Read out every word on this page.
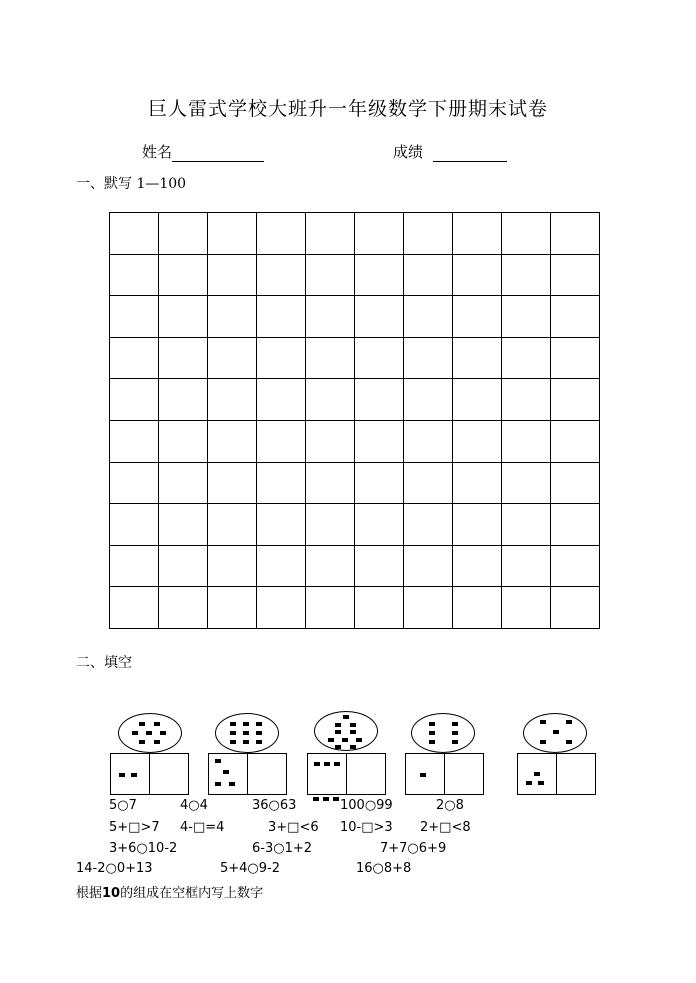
巨人雷式学校大班升一年级数学下册期末试卷
姓名	成绩
一、默写 1—100

二、填空
5○7	4○4	36○63	100○99	2○8
5+□>7 4-□=4	3+□<6 10-□>3 2+□<8
3+6○10-2	6-3○1+2	7+7○6+9
14-2○0+13	5+4○9-2	16○8+8
根据10的组成在空框内写上数字
